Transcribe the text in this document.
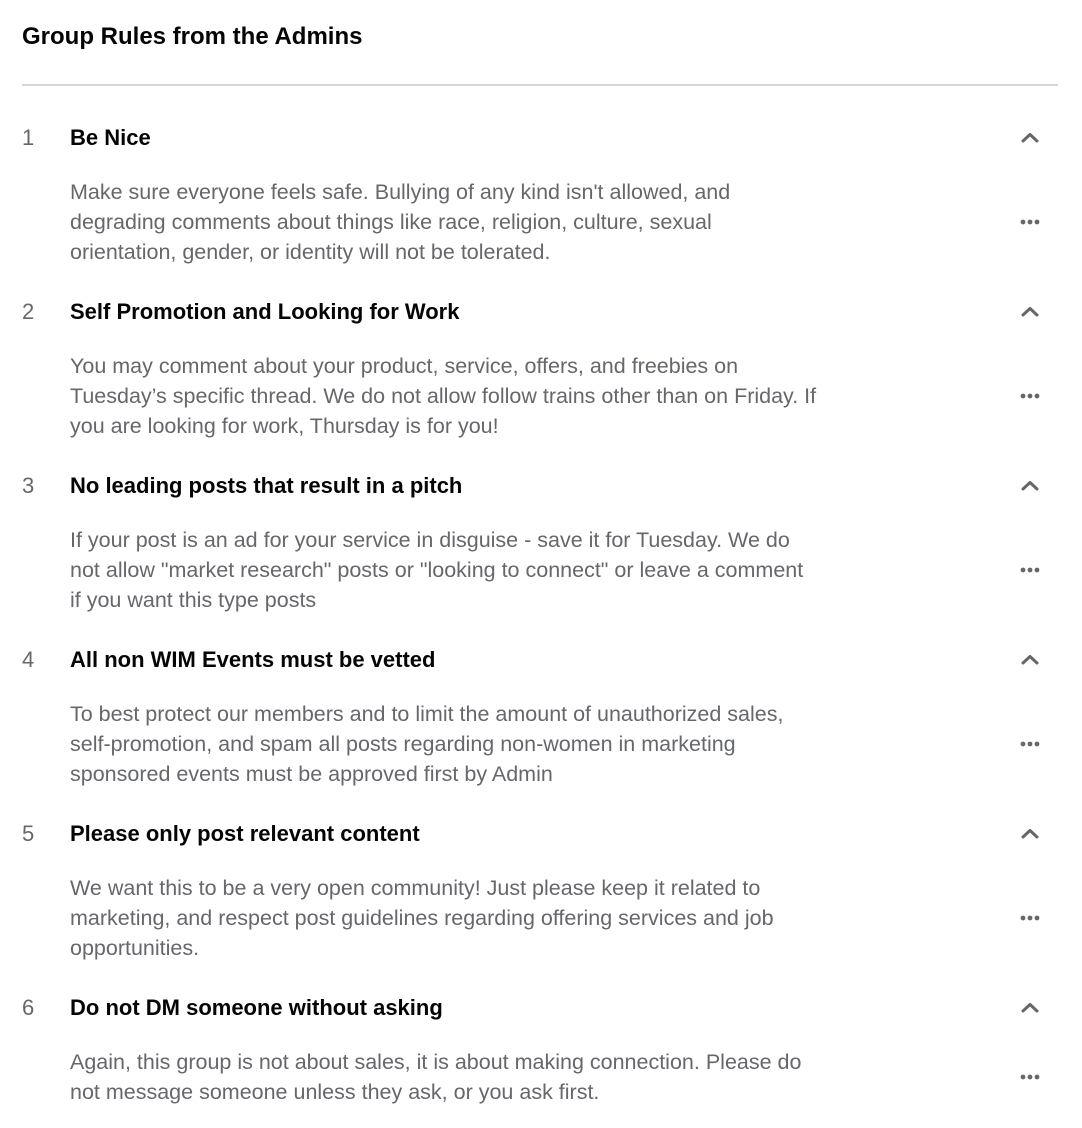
Group Rules from the Admins
1 Be Nice
Make sure everyone feels safe. Bullying of any kind isn't allowed, and
degrading comments about things like race, religion, culture, sexual
orientation, gender, or identity will not be tolerated.
2 Self Promotion and Looking for Work
You may comment about your product, service, offers, and freebies on
Tuesday’s specific thread. We do not allow follow trains other than on Friday. If
you are looking for work, Thursday is for you!
3 No leading posts that result in a pitch
If your post is an ad for your service in disguise - save it for Tuesday. We do
not allow "market research" posts or "looking to connect" or leave a comment
if you want this type posts
4 All non WIM Events must be vetted
To best protect our members and to limit the amount of unauthorized sales,
self-promotion, and spam all posts regarding non-women in marketing
sponsored events must be approved first by Admin
5 Please only post relevant content
We want this to be a very open community! Just please keep it related to
marketing, and respect post guidelines regarding offering services and job
opportunities.
6 Do not DM someone without asking
Again, this group is not about sales, it is about making connection. Please do
not message someone unless they ask, or you ask first.
